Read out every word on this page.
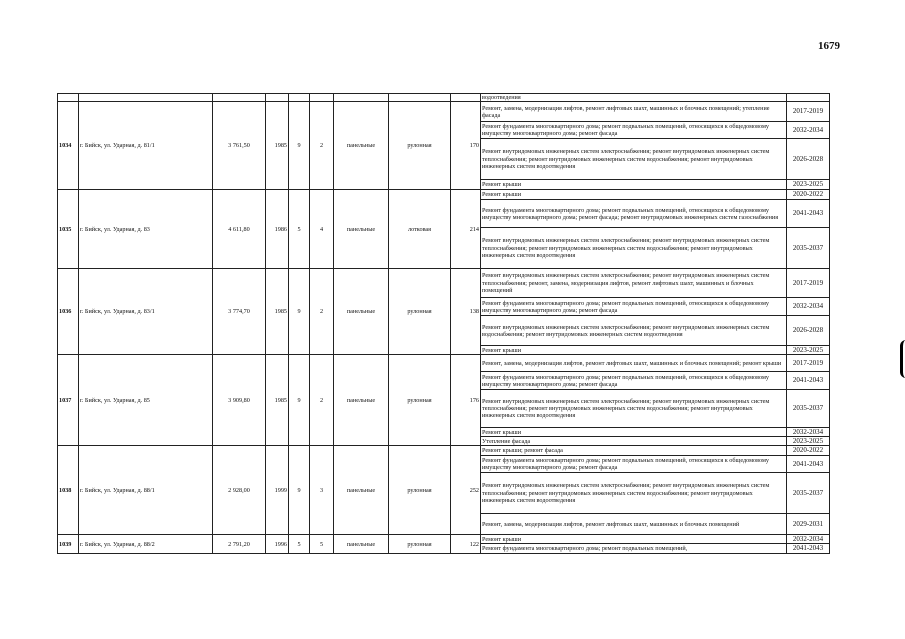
1679
									водоотведения	
1034	г. Бийск, ул. Ударная, д. 81/1	3 761,50	1985	9	2	панельные	рулонная	170	Ремонт, замена, модернизация лифтов, ремонт лифтовых шахт, машинных и блочных помещений; утепление фасада	2017-2019
									Ремонт фундамента многоквартирного дома; ремонт подвальных помещений, относящихся к общедомовому имуществу многоквартирного дома; ремонт фасада	2032-2034
									Ремонт внутридомовых инженерных систем электроснабжения; ремонт внутридомовых инженерных систем теплоснабжения; ремонт внутридомовых инженерных систем водоснабжения; ремонт внутридомовых инженерных систем водоотведения	2026-2028
									Ремонт крыши	2023-2025
1035	г. Бийск, ул. Ударная, д. 83	4 611,80	1986	5	4	панельные	лотковая	214	Ремонт крыши	2020-2022
									Ремонт фундамента многоквартирного дома; ремонт подвальных помещений, относящихся к общедомовому имуществу многоквартирного дома; ремонт фасада; ремонт внутридомовых инженерных систем газоснабжения	2041-2043
									Ремонт внутридомовых инженерных систем электроснабжения; ремонт внутридомовых инженерных систем теплоснабжения; ремонт внутридомовых инженерных систем водоснабжения; ремонт внутридомовых инженерных систем водоотведения	2035-2037
1036	г. Бийск, ул. Ударная, д. 83/1	3 774,70	1985	9	2	панельные	рулонная	138	Ремонт внутридомовых инженерных систем электроснабжения; ремонт внутридомовых инженерных систем теплоснабжения; ремонт, замена, модернизация лифтов, ремонт лифтовых шахт, машинных и блочных помещений	2017-2019
									Ремонт фундамента многоквартирного дома; ремонт подвальных помещений, относящихся к общедомовому имуществу многоквартирного дома; ремонт фасада	2032-2034
									Ремонт внутридомовых инженерных систем электроснабжения; ремонт внутридомовых инженерных систем водоснабжения; ремонт внутридомовых инженерных систем водоотведения	2026-2028
									Ремонт крыши	2023-2025
1037	г. Бийск, ул. Ударная, д. 85	3 909,80	1985	9	2	панельные	рулонная	176	Ремонт, замена, модернизация лифтов, ремонт лифтовых шахт, машинных и блочных помещений; ремонт крыши	2017-2019
									Ремонт фундамента многоквартирного дома; ремонт подвальных помещений, относящихся к общедомовому имуществу многоквартирного дома; ремонт фасада	2041-2043
									Ремонт внутридомовых инженерных систем электроснабжения; ремонт внутридомовых инженерных систем теплоснабжения; ремонт внутридомовых инженерных систем водоснабжения; ремонт внутридомовых инженерных систем водоотведения	2035-2037
									Ремонт крыши	2032-2034
									Утепление фасада	2023-2025
1038	г. Бийск, ул. Ударная, д. 88/1	2 928,00	1999	9	3	панельные	рулонная	252	Ремонт крыши; ремонт фасада	2020-2022
									Ремонт фундамента многоквартирного дома; ремонт подвальных помещений, относящихся к общедомовому имуществу многоквартирного дома; ремонт фасада	2041-2043
									Ремонт внутридомовых инженерных систем электроснабжения; ремонт внутридомовых инженерных систем теплоснабжения; ремонт внутридомовых инженерных систем водоснабжения; ремонт внутридомовых инженерных систем водоотведения	2035-2037
									Ремонт, замена, модернизация лифтов, ремонт лифтовых шахт, машинных и блочных помещений	2029-2031
1039	г. Бийск, ул. Ударная, д. 88/2	2 791,20	1996	5	5	панельные	рулонная	122	Ремонт крыши	2032-2034
									Ремонт фундамента многоквартирного дома; ремонт подвальных помещений,	2041-2043
